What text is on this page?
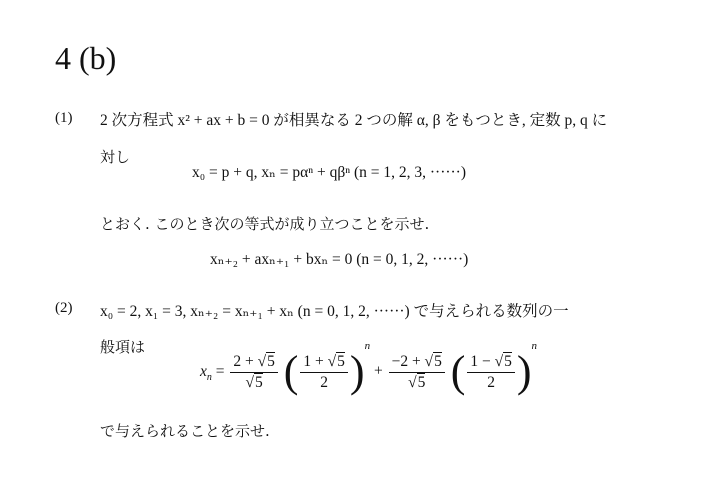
4 (b)
(1) 2 次方程式 x² + ax + b = 0 が相異なる 2 つの解 α, β をもつとき, 定数 p, q に
対し
x₀ = p + q, xₙ = pαⁿ + qβⁿ (n = 1, 2, 3, ······)
とおく. このとき次の等式が成り立つことを示せ.
xₙ₊₂ + axₙ₊₁ + bxₙ = 0 (n = 0, 1, 2, ······)
(2) x₀ = 2, x₁ = 3, xₙ₊₂ = xₙ₊₁ + xₙ (n = 0, 1, 2, ······) で与えられる数列の一
般項は
$x_n = \frac{2 + √5}{√5}$ ( $\frac{1 + √5}{2} )^n + \frac{-2 + √5}{√5}$ ( $\frac{1 - √5}{2} )^n$
で与えられることを示せ.
